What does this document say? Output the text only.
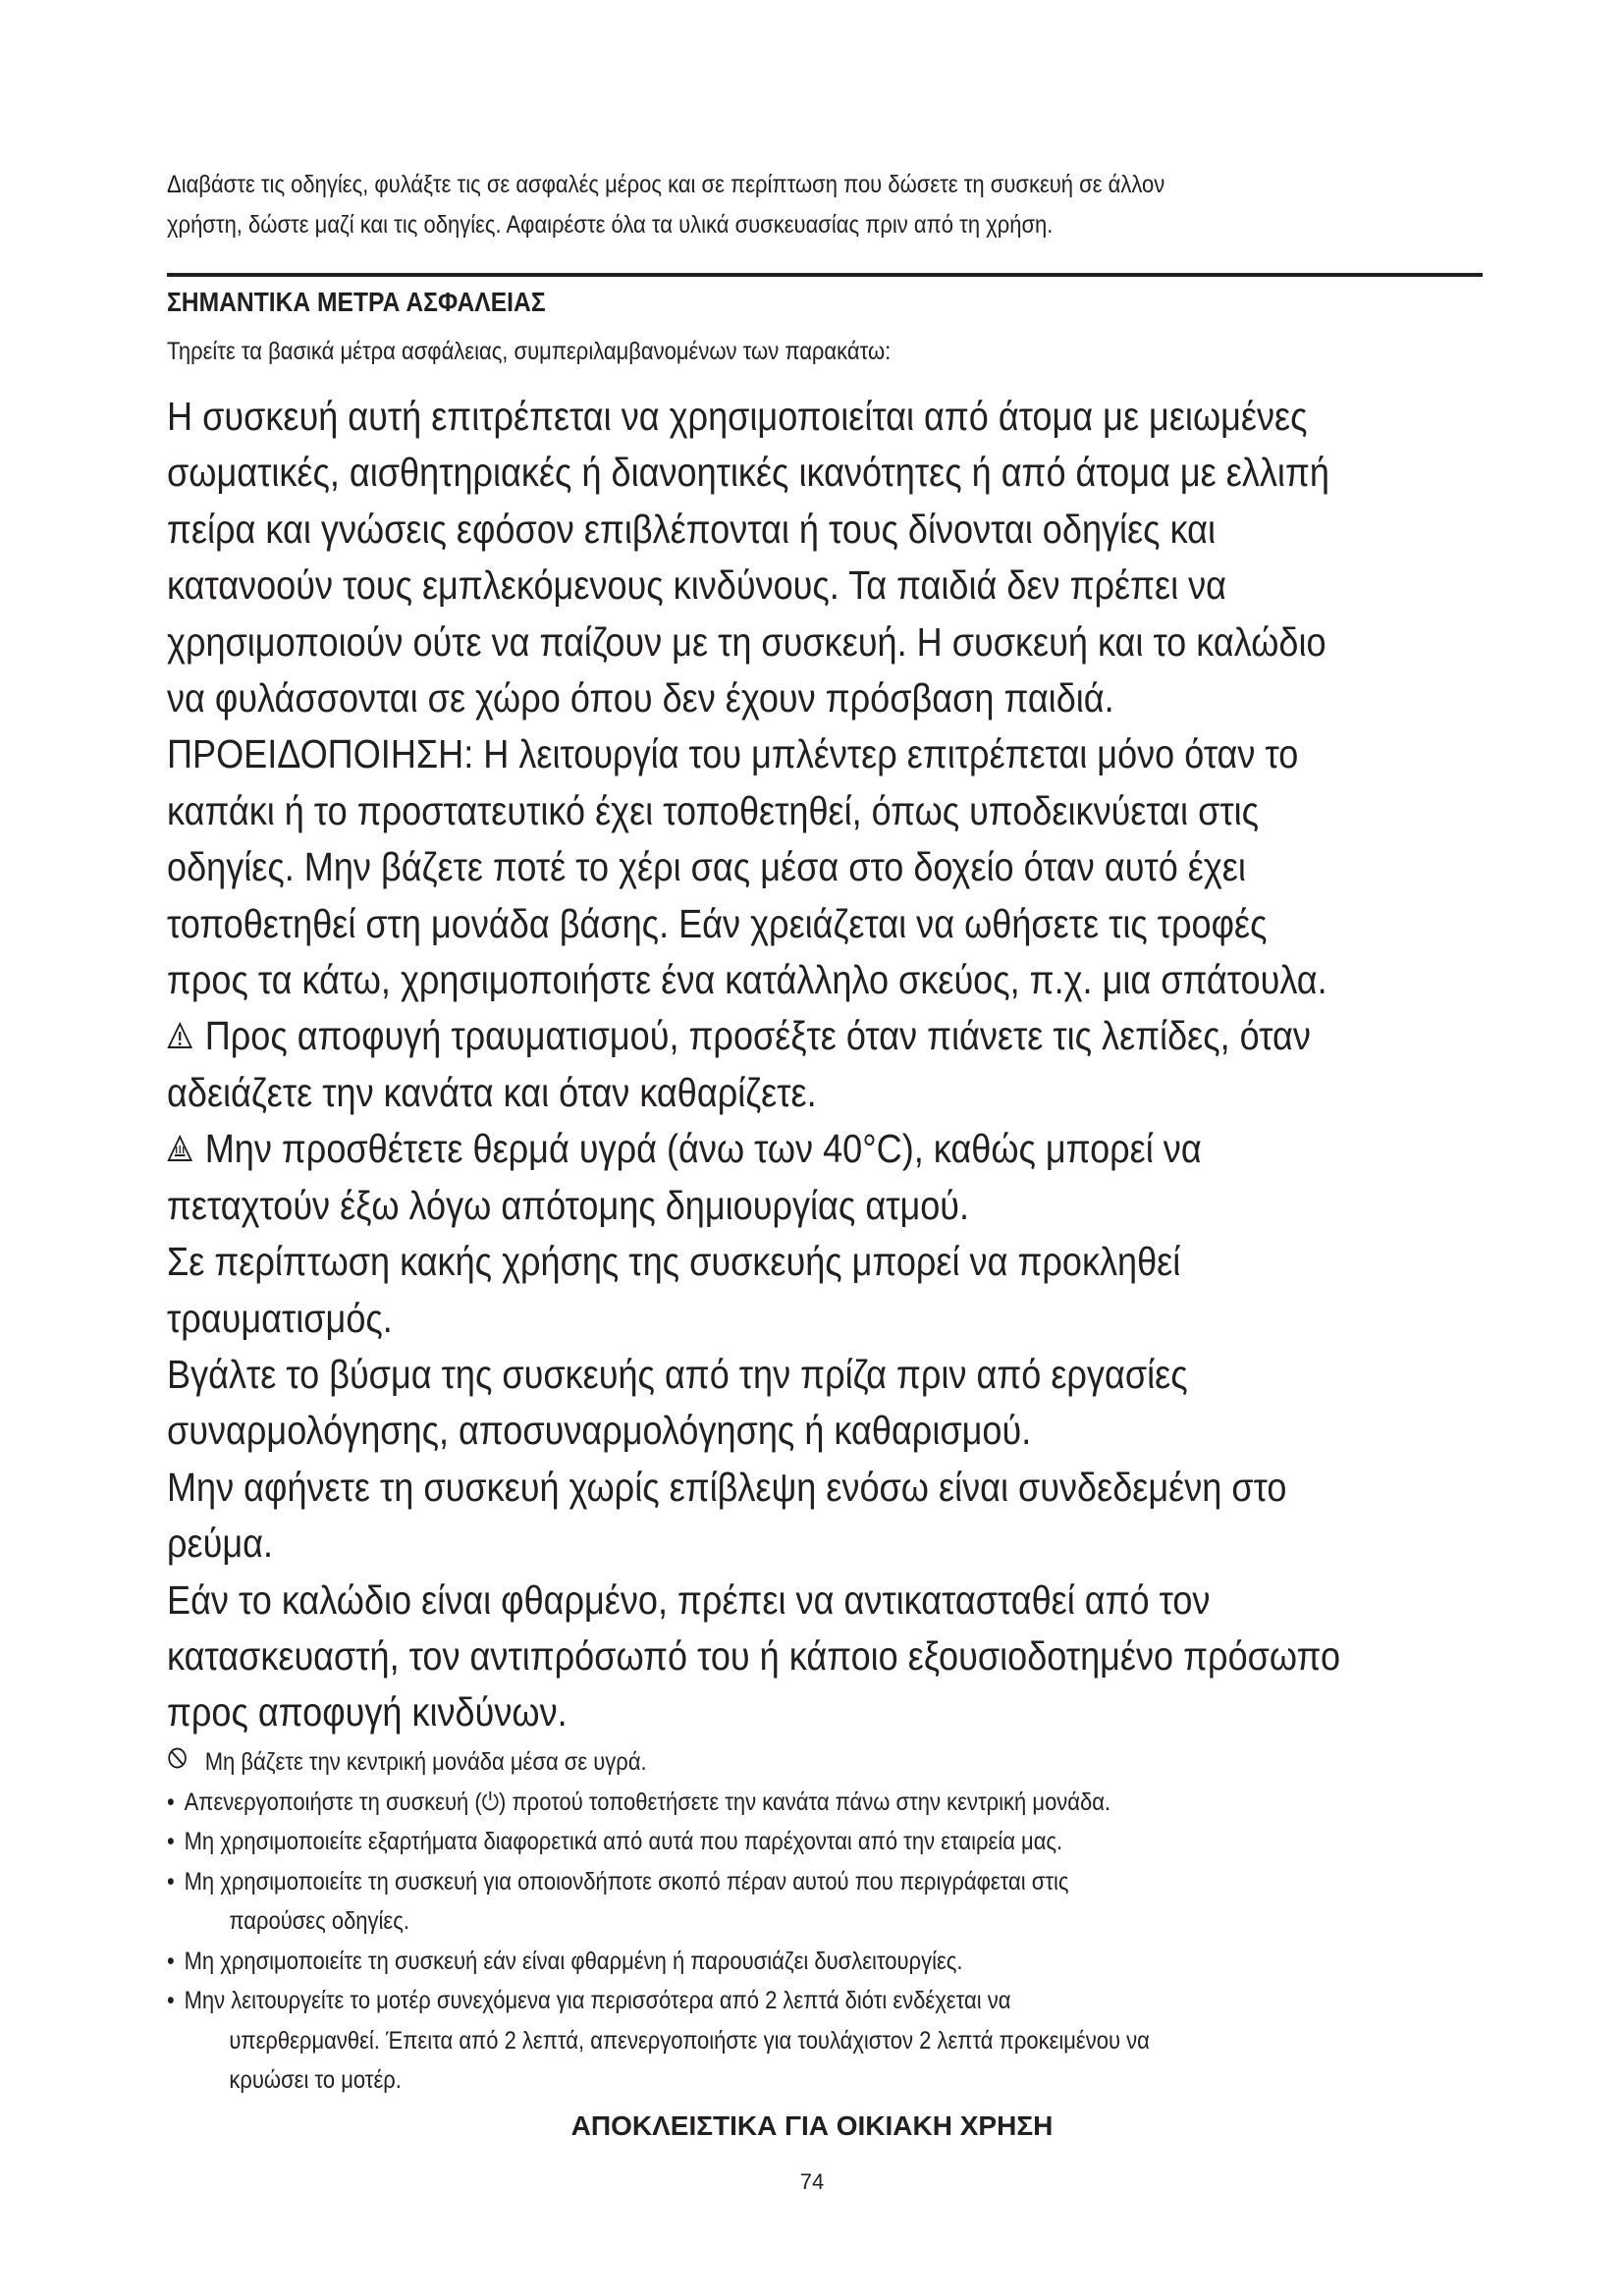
Διαβάστε τις οδηγίες, φυλάξτε τις σε ασφαλές μέρος και σε περίπτωση που δώσετε τη συσκευή σε άλλον
χρήστη, δώστε μαζί και τις οδηγίες. Αφαιρέστε όλα τα υλικά συσκευασίας πριν από τη χρήση.
ΣΗΜΑΝΤΙΚΑ ΜΕΤΡΑ ΑΣΦΑΛΕΙΑΣ
Τηρείτε τα βασικά μέτρα ασφάλειας, συμπεριλαμβανομένων των παρακάτω:
Η συσκευή αυτή επιτρέπεται να χρησιμοποιείται από άτομα με μειωμένες
σωματικές, αισθητηριακές ή διανοητικές ικανότητες ή από άτομα με ελλιπή
πείρα και γνώσεις εφόσον επιβλέπονται ή τους δίνονται οδηγίες και
κατανοούν τους εμπλεκόμενους κινδύνους. Τα παιδιά δεν πρέπει να
χρησιμοποιούν ούτε να παίζουν με τη συσκευή. Η συσκευή και το καλώδιο
να φυλάσσονται σε χώρο όπου δεν έχουν πρόσβαση παιδιά.
ΠΡΟΕΙΔΟΠΟΙΗΣΗ: Η λειτουργία του μπλέντερ επιτρέπεται μόνο όταν το
καπάκι ή το προστατευτικό έχει τοποθετηθεί, όπως υποδεικνύεται στις
οδηγίες. Μην βάζετε ποτέ το χέρι σας μέσα στο δοχείο όταν αυτό έχει
τοποθετηθεί στη μονάδα βάσης. Εάν χρειάζεται να ωθήσετε τις τροφές
προς τα κάτω, χρησιμοποιήστε ένα κατάλληλο σκεύος, π.χ. μια σπάτουλα.
Προς αποφυγή τραυματισμού, προσέξτε όταν πιάνετε τις λεπίδες, όταν
αδειάζετε την κανάτα και όταν καθαρίζετε.
Μην προσθέτετε θερμά υγρά (άνω των 40°C), καθώς μπορεί να
πεταχτούν έξω λόγω απότομης δημιουργίας ατμού.
Σε περίπτωση κακής χρήσης της συσκευής μπορεί να προκληθεί
τραυματισμός.
Βγάλτε το βύσμα της συσκευής από την πρίζα πριν από εργασίες
συναρμολόγησης, αποσυναρμολόγησης ή καθαρισμού.
Μην αφήνετε τη συσκευή χωρίς επίβλεψη ενόσω είναι συνδεδεμένη στο
ρεύμα.
Εάν το καλώδιο είναι φθαρμένο, πρέπει να αντικατασταθεί από τον
κατασκευαστή, τον αντιπρόσωπό του ή κάποιο εξουσιοδοτημένο πρόσωπο
προς αποφυγή κινδύνων.
Μη βάζετε την κεντρική μονάδα μέσα σε υγρά.
• Απενεργοποιήστε τη συσκευή (⏻) προτού τοποθετήσετε την κανάτα πάνω στην κεντρική μονάδα.
• Μη χρησιμοποιείτε εξαρτήματα διαφορετικά από αυτά που παρέχονται από την εταιρεία μας.
• Μη χρησιμοποιείτε τη συσκευή για οποιονδήποτε σκοπό πέραν αυτού που περιγράφεται στις
παρούσες οδηγίες.
• Μη χρησιμοποιείτε τη συσκευή εάν είναι φθαρμένη ή παρουσιάζει δυσλειτουργίες.
• Μην λειτουργείτε το μοτέρ συνεχόμενα για περισσότερα από 2 λεπτά διότι ενδέχεται να
υπερθερμανθεί. Έπειτα από 2 λεπτά, απενεργοποιήστε για τουλάχιστον 2 λεπτά προκειμένου να
κρυώσει το μοτέρ.
ΑΠΟΚΛΕΙΣΤΙΚΑ ΓΙΑ ΟΙΚΙΑΚΗ ΧΡΗΣΗ
74
